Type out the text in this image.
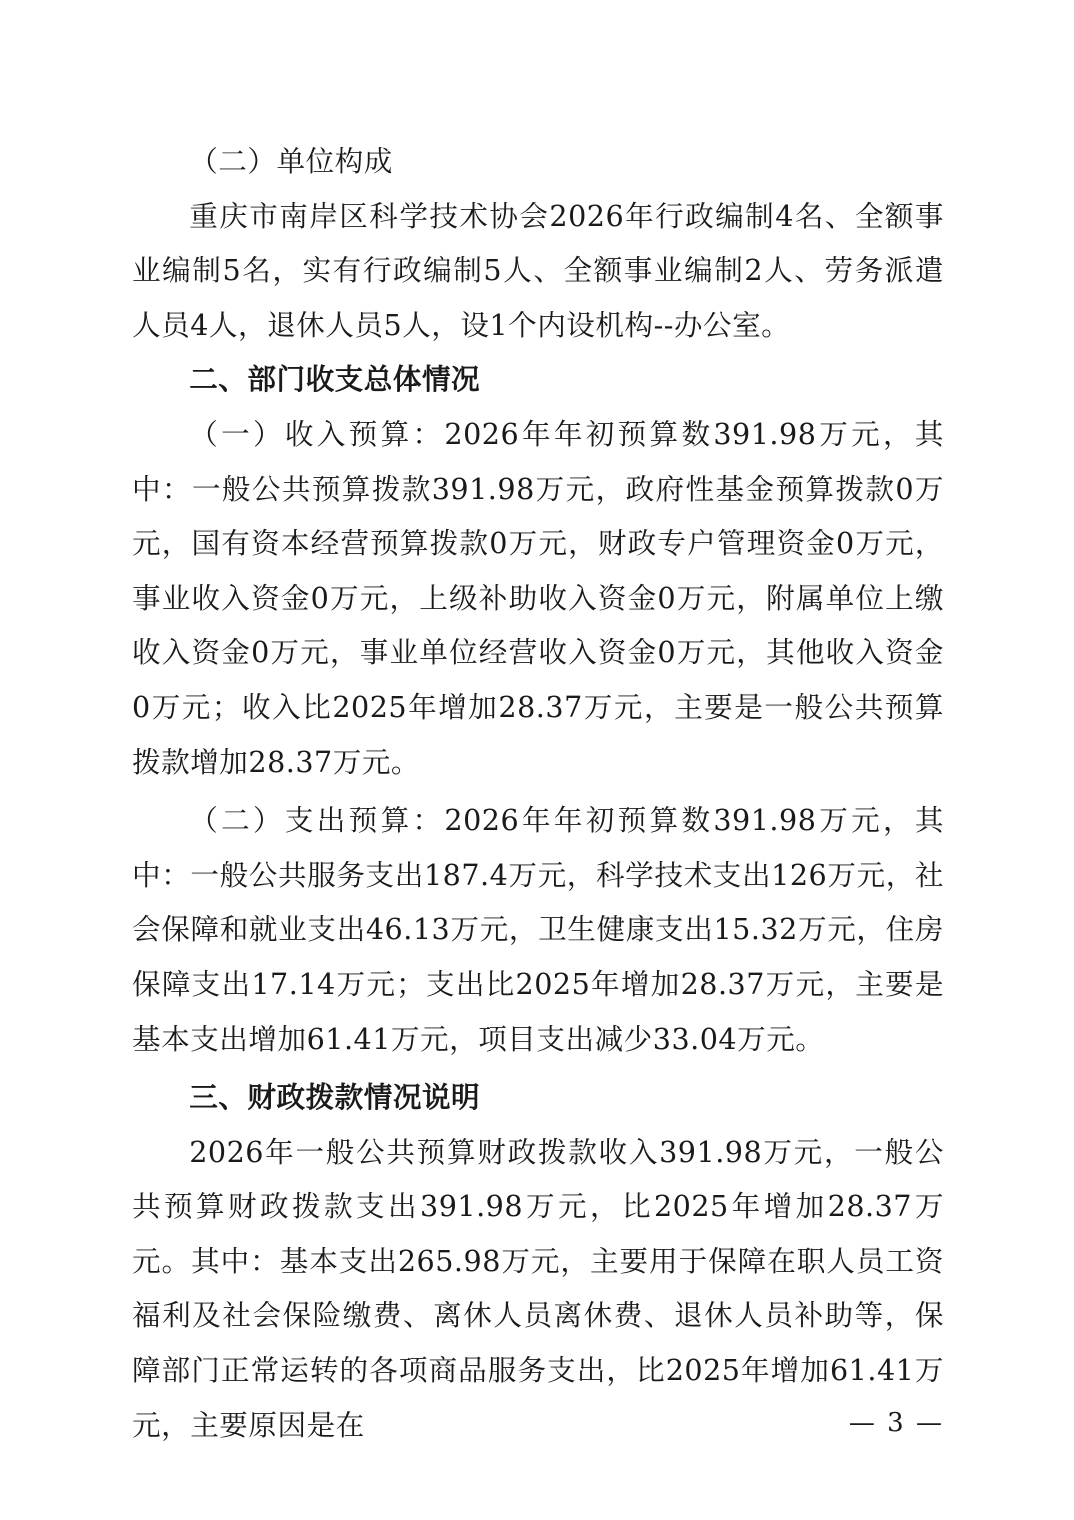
（二）单位构成

重庆市南岸区科学技术协会2026年行政编制4名、全额事业编制5名，实有行政编制5人、全额事业编制2人、劳务派遣人员4人，退休人员5人，设1个内设机构--办公室。

二、部门收支总体情况

（一）收入预算：2026年年初预算数391.98万元，其中：一般公共预算拨款391.98万元，政府性基金预算拨款0万元，国有资本经营预算拨款0万元，财政专户管理资金0万元，事业收入资金0万元，上级补助收入资金0万元，附属单位上缴收入资金0万元，事业单位经营收入资金0万元，其他收入资金0万元；收入比2025年增加28.37万元，主要是一般公共预算拨款增加28.37万元。

（二）支出预算：2026年年初预算数391.98万元，其中：一般公共服务支出187.4万元，科学技术支出126万元，社会保障和就业支出46.13万元，卫生健康支出15.32万元，住房保障支出17.14万元；支出比2025年增加28.37万元，主要是基本支出增加61.41万元，项目支出减少33.04万元。

三、财政拨款情况说明

2026年一般公共预算财政拨款收入391.98万元，一般公共预算财政拨款支出391.98万元，比2025年增加28.37万元。其中：基本支出265.98万元，主要用于保障在职人员工资福利及社会保险缴费、离休人员离休费、退休人员补助等，保障部门正常运转的各项商品服务支出，比2025年增加61.41万元，主要原因是在	— 3 —
